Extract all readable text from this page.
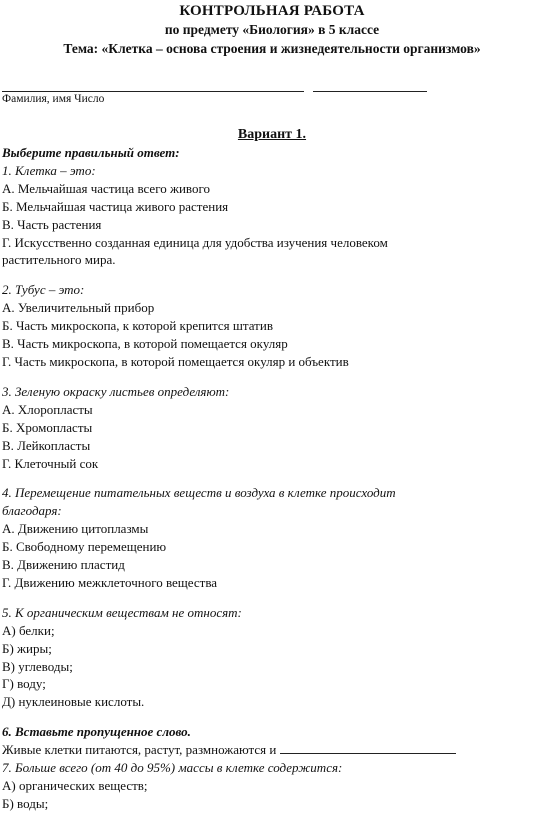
КОНТРОЛЬНАЯ РАБОТА
по предмету «Биология» в 5 классе
Тема: «Клетка – основа строения и жизнедеятельности организмов»
Фамилия, имя Число
Вариант 1.
Выберите правильный ответ:
1. Клетка – это:
А. Мельчайшая частица всего живого
Б. Мельчайшая частица живого растения
В. Часть растения
Г. Искусственно созданная единица для удобства изучения человеком
растительного мира.
2. Тубус – это:
А. Увеличительный прибор
Б. Часть микроскопа, к которой крепится штатив
В. Часть микроскопа, в которой помещается окуляр
Г. Часть микроскопа, в которой помещается окуляр и объектив
3. Зеленую окраску листьев определяют:
А. Хлоропласты
Б. Хромопласты
В. Лейкопласты
Г. Клеточный сок
4. Перемещение питательных веществ и воздуха в клетке происходит
благодаря:
А. Движению цитоплазмы
Б. Свободному перемещению
В. Движению пластид
Г. Движению межклеточного вещества
5. К органическим веществам не относят:
А) белки;
Б) жиры;
В) углеводы;
Г) воду;
Д) нуклеиновые кислоты.
6. Вставьте пропущенное слово.
Живые клетки питаются, растут, размножаются и
7. Больше всего (от 40 до 95%) массы в клетке содержится:
А) органических веществ;
Б) воды;
